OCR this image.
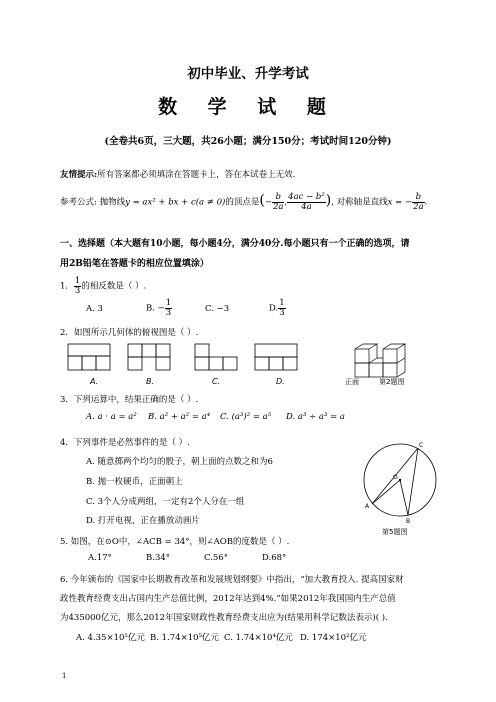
初中毕业、升学考试
数 学 试 题
(全卷共6页，三大题，共26小题；满分150分；考试时间120分钟)
友情提示:所有答案都必须填涂在答题卡上，答在本试卷上无效.
参考公式: 抛物线y = ax² + bx + c(a ≠ 0)的顶点是(− $\frac{b}{2a}$ , $\frac{\text{4ac − b²}}{4a}$ ), 对称轴是直线x = − $\frac{b}{2a}$ .
一、选择题（本大题有10小题，每小题4分，满分40分.每小题只有一个正确的选项，请
用2B铅笔在答题卡的相应位置填涂）
1． $\frac{1}{3}$ 的相反数是（ ）.
A. 3	B. − $\frac{1}{3}$	C. −3	D. $\frac{1}{3}$
2．如图所示几何体的俯视图是（ ）.
A.	B.	C.	D.	正面	第2题图
3．下列运算中，结果正确的是（ ）.
A. a · a = a² B. a² + a² = a⁴ C. (a³)² = a⁵ D. a³ ÷ a³ = a
4．下列事件是必然事件的是（ ）.
A. 随意掷两个均匀的骰子，朝上面的点数之和为6
B. 抛一枚硬币，正面朝上
C. 3个人分成两组，一定有2个人分在一组
D. 打开电视，正在播放动画片
C
O
A
B
第5题图
5. 如图，在⊙O中，∠ACB = 34°，则∠AOB的度数是（ ）.
A.17°	B.34°	C.56°	D.68°
6. 今年颁布的《国家中长期教育改革和发展规划纲要》中指出，“加大教育投入. 提高国家财
政性教育经费支出占国内生产总值比例，2012年达到4%.”如果2012年我国国内生产总值
为435000亿元，那么2012年国家财政性教育经费支出应为(结果用科学记数法表示)( ).
A. 4.35×10⁵亿元 B. 1.74×10⁵亿元 C. 1.74×10⁴亿元 D. 174×10²亿元
1
